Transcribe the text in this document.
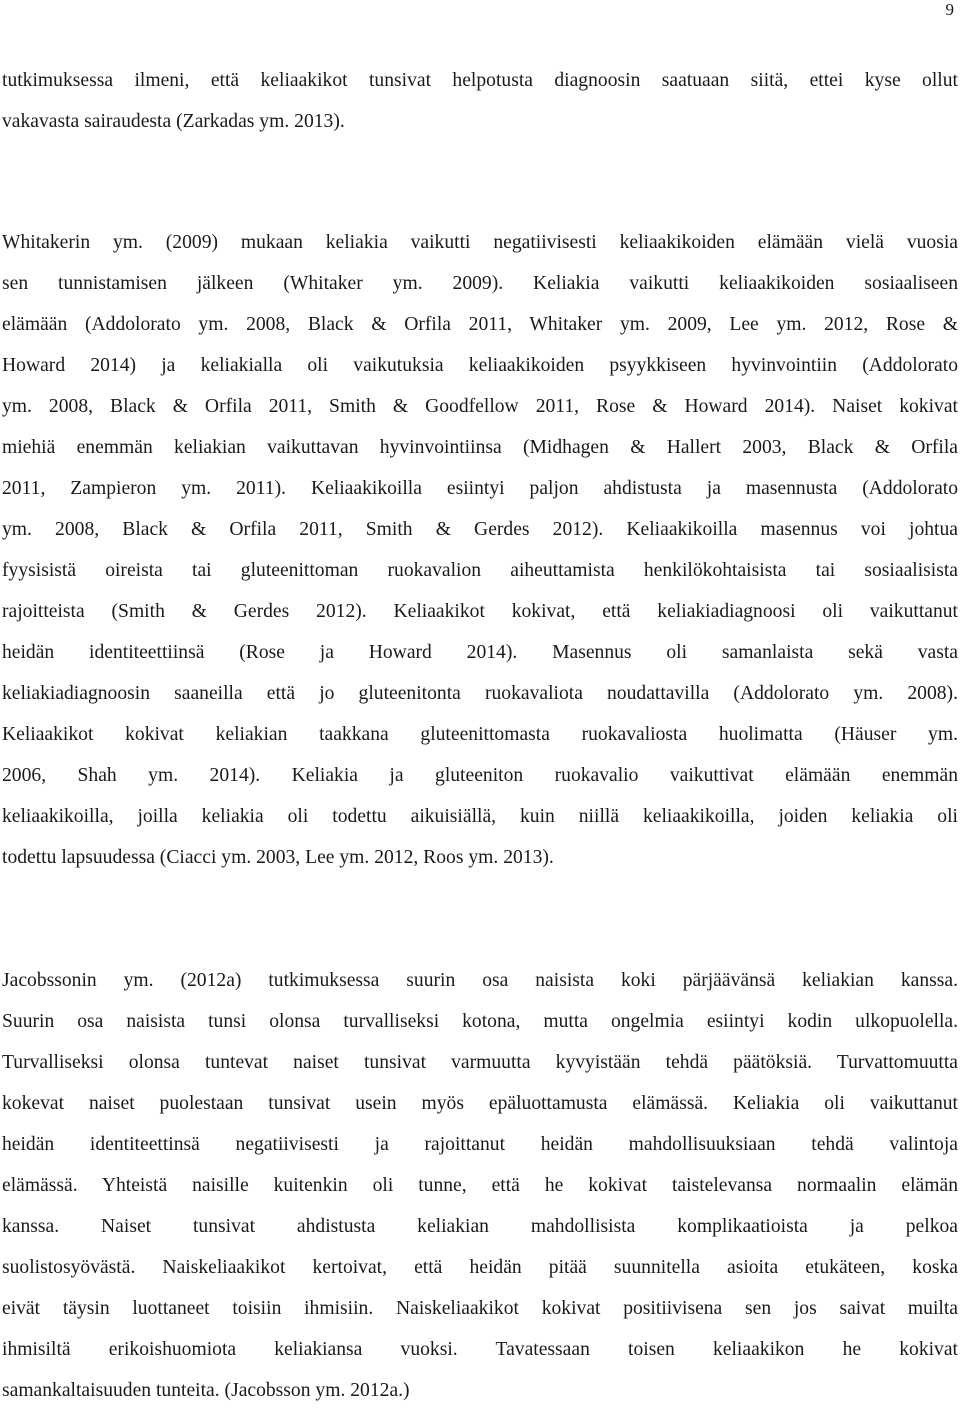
9
tutkimuksessa ilmeni, että keliaakikot tunsivat helpotusta diagnoosin saatuaan siitä, ettei kyse ollut
vakavasta sairaudesta (Zarkadas ym. 2013).
Whitakerin ym. (2009) mukaan keliakia vaikutti negatiivisesti keliaakikoiden elämään vielä vuosia
sen tunnistamisen jälkeen (Whitaker ym. 2009). Keliakia vaikutti keliaakikoiden sosiaaliseen
elämään (Addolorato ym. 2008, Black & Orfila 2011, Whitaker ym. 2009, Lee ym. 2012, Rose &
Howard 2014) ja keliakialla oli vaikutuksia keliaakikoiden psyykkiseen hyvinvointiin (Addolorato
ym. 2008, Black & Orfila 2011, Smith & Goodfellow 2011, Rose & Howard 2014). Naiset kokivat
miehiä enemmän keliakian vaikuttavan hyvinvointiinsa (Midhagen & Hallert 2003, Black & Orfila
2011, Zampieron ym. 2011). Keliaakikoilla esiintyi paljon ahdistusta ja masennusta (Addolorato
ym. 2008, Black & Orfila 2011, Smith & Gerdes 2012). Keliaakikoilla masennus voi johtua
fyysisistä oireista tai gluteenittoman ruokavalion aiheuttamista henkilökohtaisista tai sosiaalisista
rajoitteista (Smith & Gerdes 2012). Keliaakikot kokivat, että keliakiadiagnoosi oli vaikuttanut
heidän identiteettiinsä (Rose ja Howard 2014). Masennus oli samanlaista sekä vasta
keliakiadiagnoosin saaneilla että jo gluteenitonta ruokavaliota noudattavilla (Addolorato ym. 2008).
Keliaakikot kokivat keliakian taakkana gluteenittomasta ruokavaliosta huolimatta (Häuser ym.
2006, Shah ym. 2014). Keliakia ja gluteeniton ruokavalio vaikuttivat elämään enemmän
keliaakikoilla, joilla keliakia oli todettu aikuisiällä, kuin niillä keliaakikoilla, joiden keliakia oli
todettu lapsuudessa (Ciacci ym. 2003, Lee ym. 2012, Roos ym. 2013).
Jacobssonin ym. (2012a) tutkimuksessa suurin osa naisista koki pärjäävänsä keliakian kanssa.
Suurin osa naisista tunsi olonsa turvalliseksi kotona, mutta ongelmia esiintyi kodin ulkopuolella.
Turvalliseksi olonsa tuntevat naiset tunsivat varmuutta kyvyistään tehdä päätöksiä. Turvattomuutta
kokevat naiset puolestaan tunsivat usein myös epäluottamusta elämässä. Keliakia oli vaikuttanut
heidän identiteettinsä negatiivisesti ja rajoittanut heidän mahdollisuuksiaan tehdä valintoja
elämässä. Yhteistä naisille kuitenkin oli tunne, että he kokivat taistelevansa normaalin elämän
kanssa. Naiset tunsivat ahdistusta keliakian mahdollisista komplikaatioista ja pelkoa
suolistosyövästä. Naiskeliaakikot kertoivat, että heidän pitää suunnitella asioita etukäteen, koska
eivät täysin luottaneet toisiin ihmisiin. Naiskeliaakikot kokivat positiivisena sen jos saivat muilta
ihmisiltä erikoishuomiota keliakiansa vuoksi. Tavatessaan toisen keliaakikon he kokivat
samankaltaisuuden tunteita. (Jacobsson ym. 2012a.)
